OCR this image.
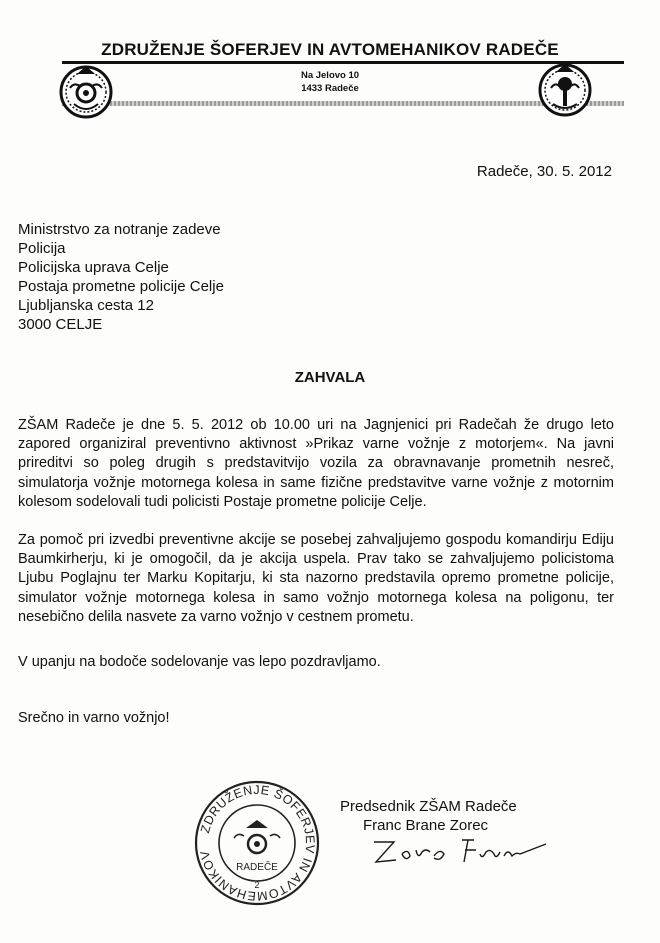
ZDRUŽENJE ŠOFERJEV IN AVTOMEHANIKOV RADEČE
Na Jelovo 10
1433 Radeče
Radeče, 30. 5. 2012
Ministrstvo za notranje zadeve
Policija
Policijska uprava Celje
Postaja prometne policije Celje
Ljubljanska cesta 12
3000 CELJE
ZAHVALA
ZŠAM Radeče je dne 5. 5. 2012 ob 10.00 uri na Jagnjenici pri Radečah že drugo leto zapored organiziral preventivno aktivnost »Prikaz varne vožnje z motorjem«. Na javni prireditvi so poleg drugih s predstavitvijo vozila za obravnavanje prometnih nesreč, simulatorja vožnje motornega kolesa in same fizične predstavitve varne vožnje z motornim kolesom sodelovali tudi policisti Postaje prometne policije Celje.
Za pomoč pri izvedbi preventivne akcije se posebej zahvaljujemo gospodu komandirju Ediju Baumkirherju, ki je omogočil, da je akcija uspela. Prav tako se zahvaljujemo policistoma Ljubu Poglajnu ter Marku Kopitarju, ki sta nazorno predstavila opremo prometne policije, simulator vožnje motornega kolesa in samo vožnjo motornega kolesa na poligonu, ter nesebično delila nasvete za varno vožnjo v cestnem prometu.
V upanju na bodoče sodelovanje vas lepo pozdravljamo.
Srečno in varno vožnjo!
ZDRUŽENJE ŠOFERJEV IN AVTOMEHANIKOV
RADEČE
2
Predsednik ZŠAM Radeče
Franc Brane Zorec
